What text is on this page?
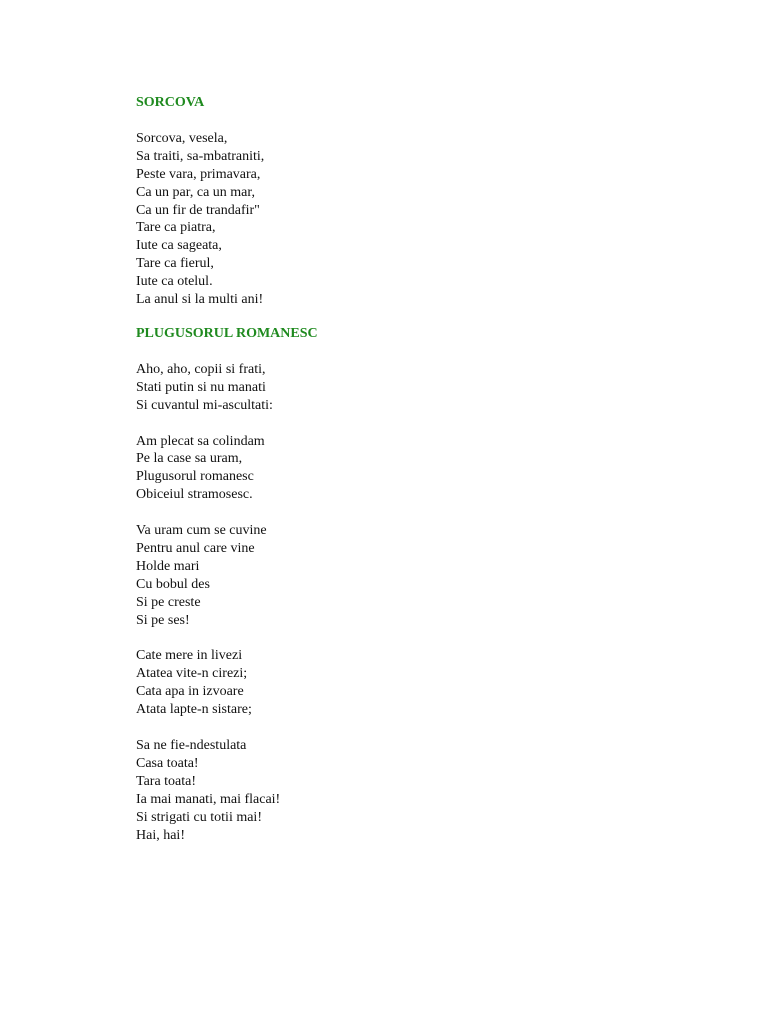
SORCOVA
Sorcova, vesela,
Sa traiti, sa-mbatraniti,
Peste vara, primavara,
Ca un par, ca un mar,
Ca un fir de trandafir"
Tare ca piatra,
Iute ca sageata,
Tare ca fierul,
Iute ca otelul.
La anul si la multi ani!
PLUGUSORUL ROMANESC
Aho, aho, copii si frati,
Stati putin si nu manati
Si cuvantul mi-ascultati:
Am plecat sa colindam
Pe la case sa uram,
Plugusorul romanesc
Obiceiul stramosesc.
Va uram cum se cuvine
Pentru anul care vine
Holde mari
Cu bobul des
Si pe creste
Si pe ses!
Cate mere in livezi
Atatea vite-n cirezi;
Cata apa in izvoare
Atata lapte-n sistare;
Sa ne fie-ndestulata
Casa toata!
Tara toata!
Ia mai manati, mai flacai!
Si strigati cu totii mai!
Hai, hai!
